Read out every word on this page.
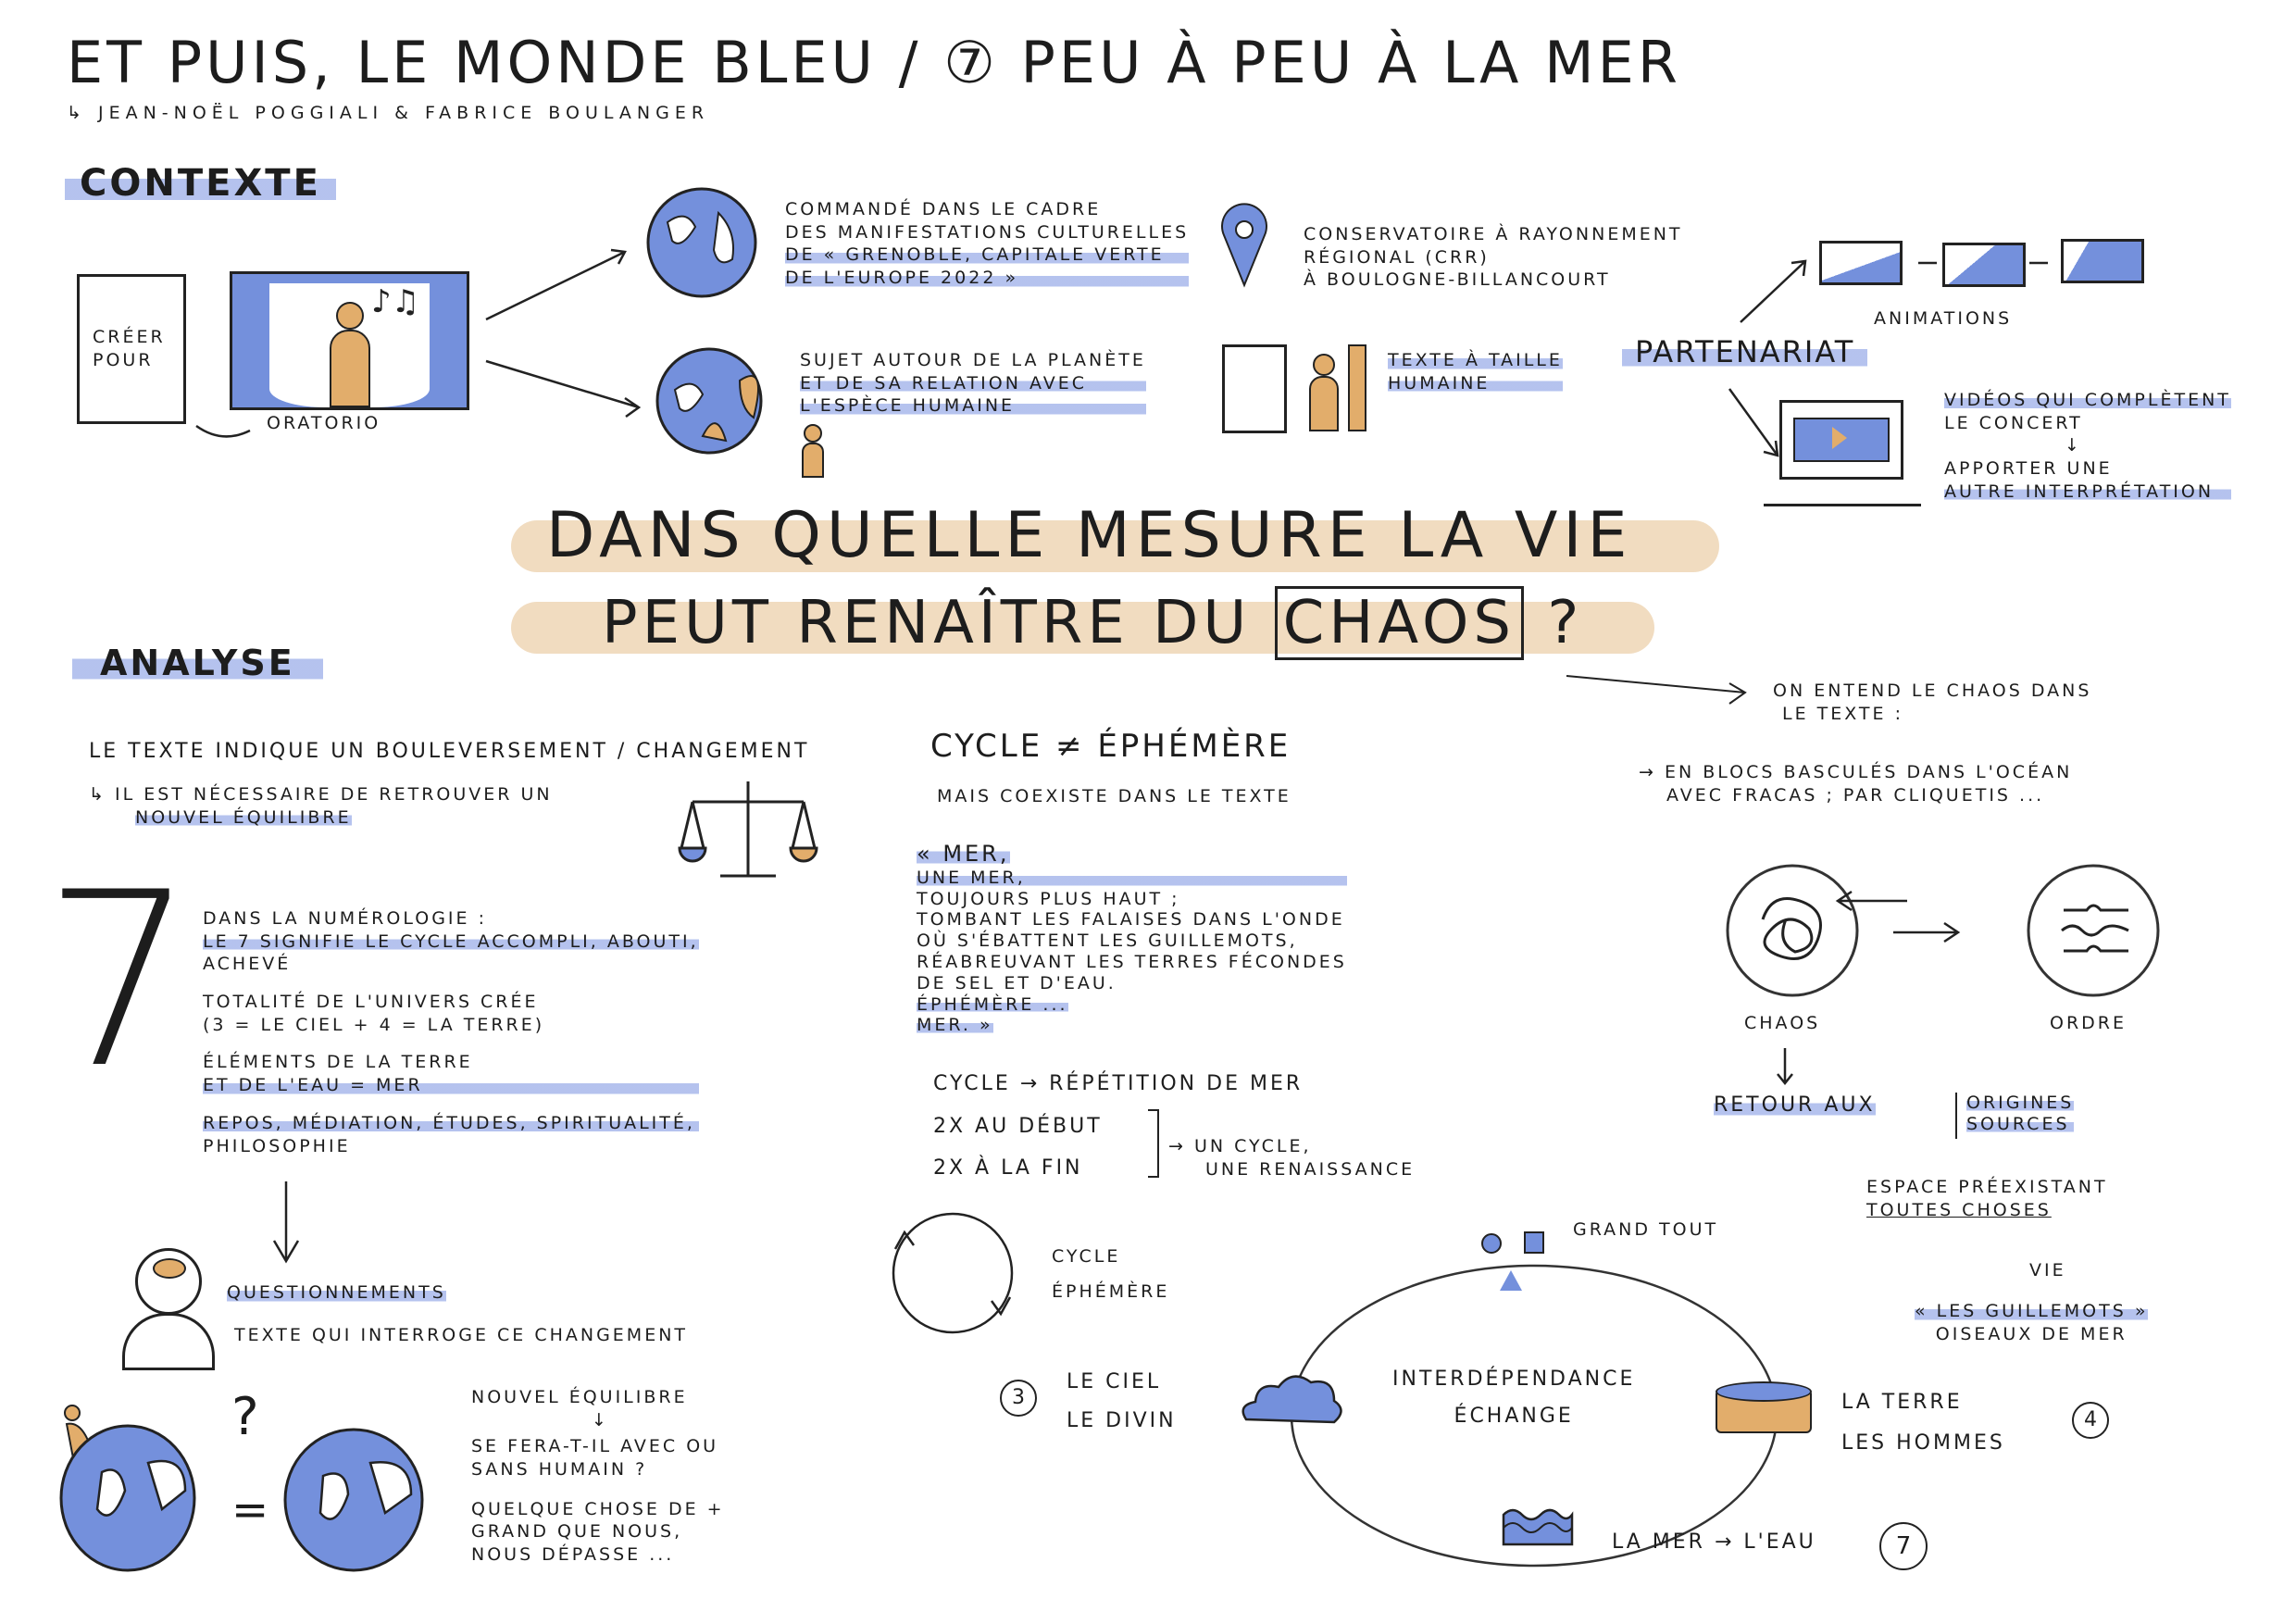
ET PUIS, LE MONDE BLEU / ⑦ PEU À PEU À LA MER
↳ JEAN-NOËL POGGIALI & FABRICE BOULANGER
CONTEXTE
CRÉER POUR
♪♫
ORATORIO
COMMANDÉ DANS LE CADRE
DES MANIFESTATIONS CULTURELLES
DE « GRENOBLE, CAPITALE VERTE
DE L'EUROPE 2022 »
SUJET AUTOUR DE LA PLANÈTE
ET DE SA RELATION AVEC
L'ESPÈCE HUMAINE
CONSERVATOIRE À RAYONNEMENT
RÉGIONAL (CRR)
À BOULOGNE-BILLANCOURT
TEXTE À TAILLE
HUMAINE
PARTENARIAT
ANIMATIONS
VIDÉOS QUI COMPLÈTENT
LE CONCERT
↓
APPORTER UNE
AUTRE INTERPRÉTATION
DANS QUELLE MESURE LA VIE
PEUT RENAÎTRE DU CHAOS ?
ANALYSE
LE TEXTE INDIQUE UN BOULEVERSEMENT / CHANGEMENT
↳ IL EST NÉCESSAIRE DE RETROUVER UN
NOUVEL ÉQUILIBRE
7 DANS LA NUMÉROLOGIE :
LE 7 SIGNIFIE LE CYCLE ACCOMPLI, ABOUTI,
ACHEVÉ
TOTALITÉ DE L'UNIVERS CRÉE
(3 = LE CIEL + 4 = LA TERRE)
ÉLÉMENTS DE LA TERRE
ET DE L'EAU = MER
REPOS, MÉDIATION, ÉTUDES, SPIRITUALITÉ,
PHILOSOPHIE
QUESTIONNEMENTS
TEXTE QUI INTERROGE CE CHANGEMENT
?
=
NOUVEL ÉQUILIBRE
↓
SE FERA-T-IL AVEC OU
SANS HUMAIN ?
QUELQUE CHOSE DE +
GRAND QUE NOUS,
NOUS DÉPASSE ...
CYCLE ≠ ÉPHÉMÈRE
MAIS COEXISTE DANS LE TEXTE
« MER,
UNE MER,
TOUJOURS PLUS HAUT ;
TOMBANT LES FALAISES DANS L'ONDE
OÙ S'ÉBATTENT LES GUILLEMOTS,
RÉABREUVANT LES TERRES FÉCONDES
DE SEL ET D'EAU.
ÉPHÉMÈRE ...
MER. »
CYCLE → RÉPÉTITION DE MER
2X AU DÉBUT
2X À LA FIN
→ UN CYCLE,
UNE RENAISSANCE
CYCLE
ÉPHÉMÈRE
ON ENTEND LE CHAOS DANS
LE TEXTE :
→ EN BLOCS BASCULÉS DANS L'OCÉAN
AVEC FRACAS ; PAR CLIQUETIS ...
CHAOS	ORDRE
RETOUR AUX	ORIGINES
SOURCES
ESPACE PRÉEXISTANT
TOUTES CHOSES
VIE
« LES GUILLEMOTS »
OISEAUX DE MER
GRAND TOUT
INTERDÉPENDANCE
ÉCHANGE
LE CIEL
LE DIVIN
3	LA TERRE
LES HOMMES
4
LA MER → L'EAU	7
